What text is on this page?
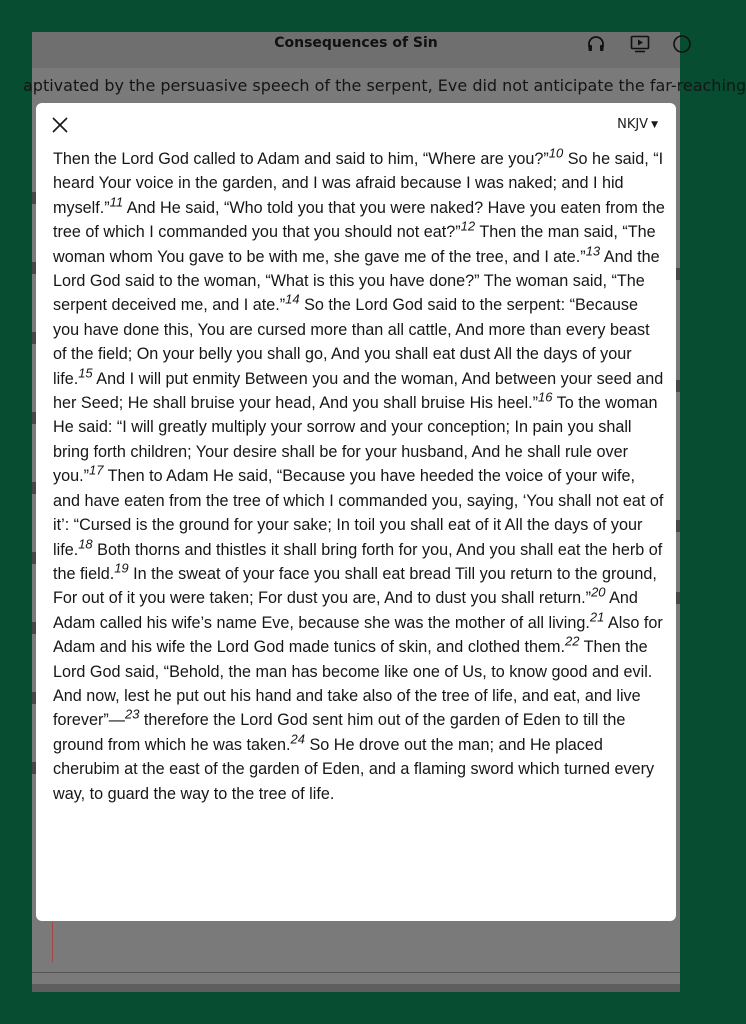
Consequences of Sin
aptivated by the persuasive speech of the serpent, Eve did not anticipate the far-reaching
NKJV ▼

Then the Lord God called to Adam and said to him, “Where are you?”$^{10}$ So he said, “I heard Your voice in the garden, and I was afraid because I was naked; and I hid myself.”$^{11}$ And He said, “Who told you that you were naked? Have you eaten from the tree of which I commanded you that you should not eat?”$^{12}$ Then the man said, “The woman whom You gave to be with me, she gave me of the tree, and I ate.”$^{13}$ And the Lord God said to the woman, “What is this you have done?” The woman said, “The serpent deceived me, and I ate.”$^{14}$ So the Lord God said to the serpent: “Because you have done this, You are cursed more than all cattle, And more than every beast of the field; On your belly you shall go, And you shall eat dust All the days of your life.$^{15}$ And I will put enmity Between you and the woman, And between your seed and her Seed; He shall bruise your head, And you shall bruise His heel.”$^{16}$ To the woman He said: “I will greatly multiply your sorrow and your conception; In pain you shall bring forth children; Your desire shall be for your husband, And he shall rule over you.”$^{17}$ Then to Adam He said, “Because you have heeded the voice of your wife, and have eaten from the tree of which I commanded you, saying, ‘You shall not eat of it’: “Cursed is the ground for your sake; In toil you shall eat of it All the days of your life.$^{18}$ Both thorns and thistles it shall bring forth for you, And you shall eat the herb of the field.$^{19}$ In the sweat of your face you shall eat bread Till you return to the ground, For out of it you were taken; For dust you are, And to dust you shall return.”$^{20}$ And Adam called his wife’s name Eve, because she was the mother of all living.$^{21}$ Also for Adam and his wife the Lord God made tunics of skin, and clothed them.$^{22}$ Then the Lord God said, “Behold, the man has become like one of Us, to know good and evil. And now, lest he put out his hand and take also of the tree of life, and eat, and live forever”—$^{23}$ therefore the Lord God sent him out of the garden of Eden to till the ground from which he was taken.$^{24}$ So He drove out the man; and He placed cherubim at the east of the garden of Eden, and a flaming sword which turned every way, to guard the way to the tree of life.
